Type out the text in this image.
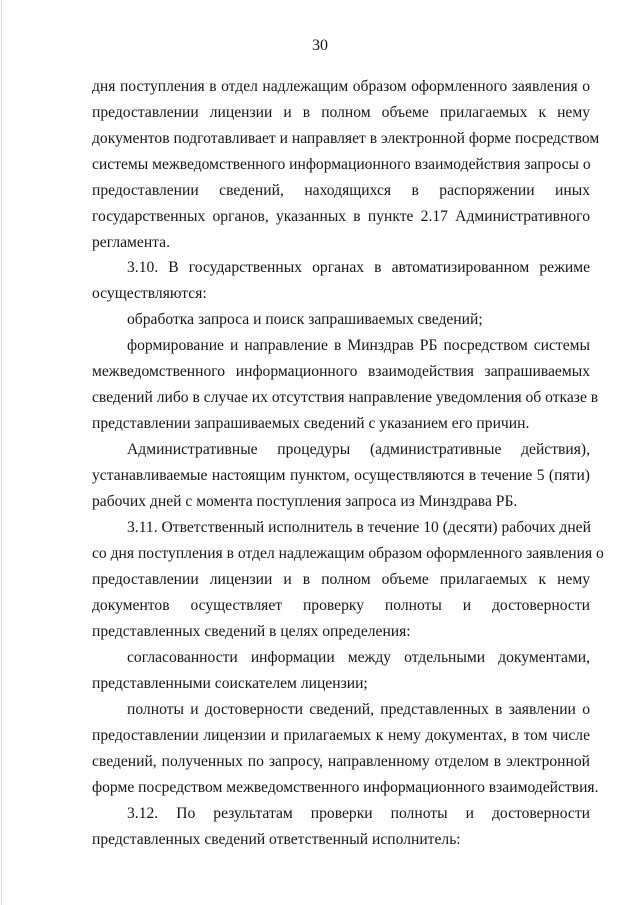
30
дня поступления в отдел надлежащим образом оформленного заявления о
предоставлении лицензии и в полном объеме прилагаемых к нему
документов подготавливает и направляет в электронной форме посредством
системы межведомственного информационного взаимодействия запросы о
предоставлении сведений, находящихся в распоряжении иных
государственных органов, указанных в пункте 2.17 Административного
регламента.
3.10. В государственных органах в автоматизированном режиме
осуществляются:
обработка запроса и поиск запрашиваемых сведений;
формирование и направление в Минздрав РБ посредством системы
межведомственного информационного взаимодействия запрашиваемых
сведений либо в случае их отсутствия направление уведомления об отказе в
представлении запрашиваемых сведений с указанием его причин.
Административные процедуры (административные действия),
устанавливаемые настоящим пунктом, осуществляются в течение 5 (пяти)
рабочих дней с момента поступления запроса из Минздрава РБ.
3.11. Ответственный исполнитель в течение 10 (десяти) рабочих дней
со дня поступления в отдел надлежащим образом оформленного заявления о
предоставлении лицензии и в полном объеме прилагаемых к нему
документов осуществляет проверку полноты и достоверности
представленных сведений в целях определения:
согласованности информации между отдельными документами,
представленными соискателем лицензии;
полноты и достоверности сведений, представленных в заявлении о
предоставлении лицензии и прилагаемых к нему документах, в том числе
сведений, полученных по запросу, направленному отделом в электронной
форме посредством межведомственного информационного взаимодействия.
3.12. По результатам проверки полноты и достоверности
представленных сведений ответственный исполнитель:
